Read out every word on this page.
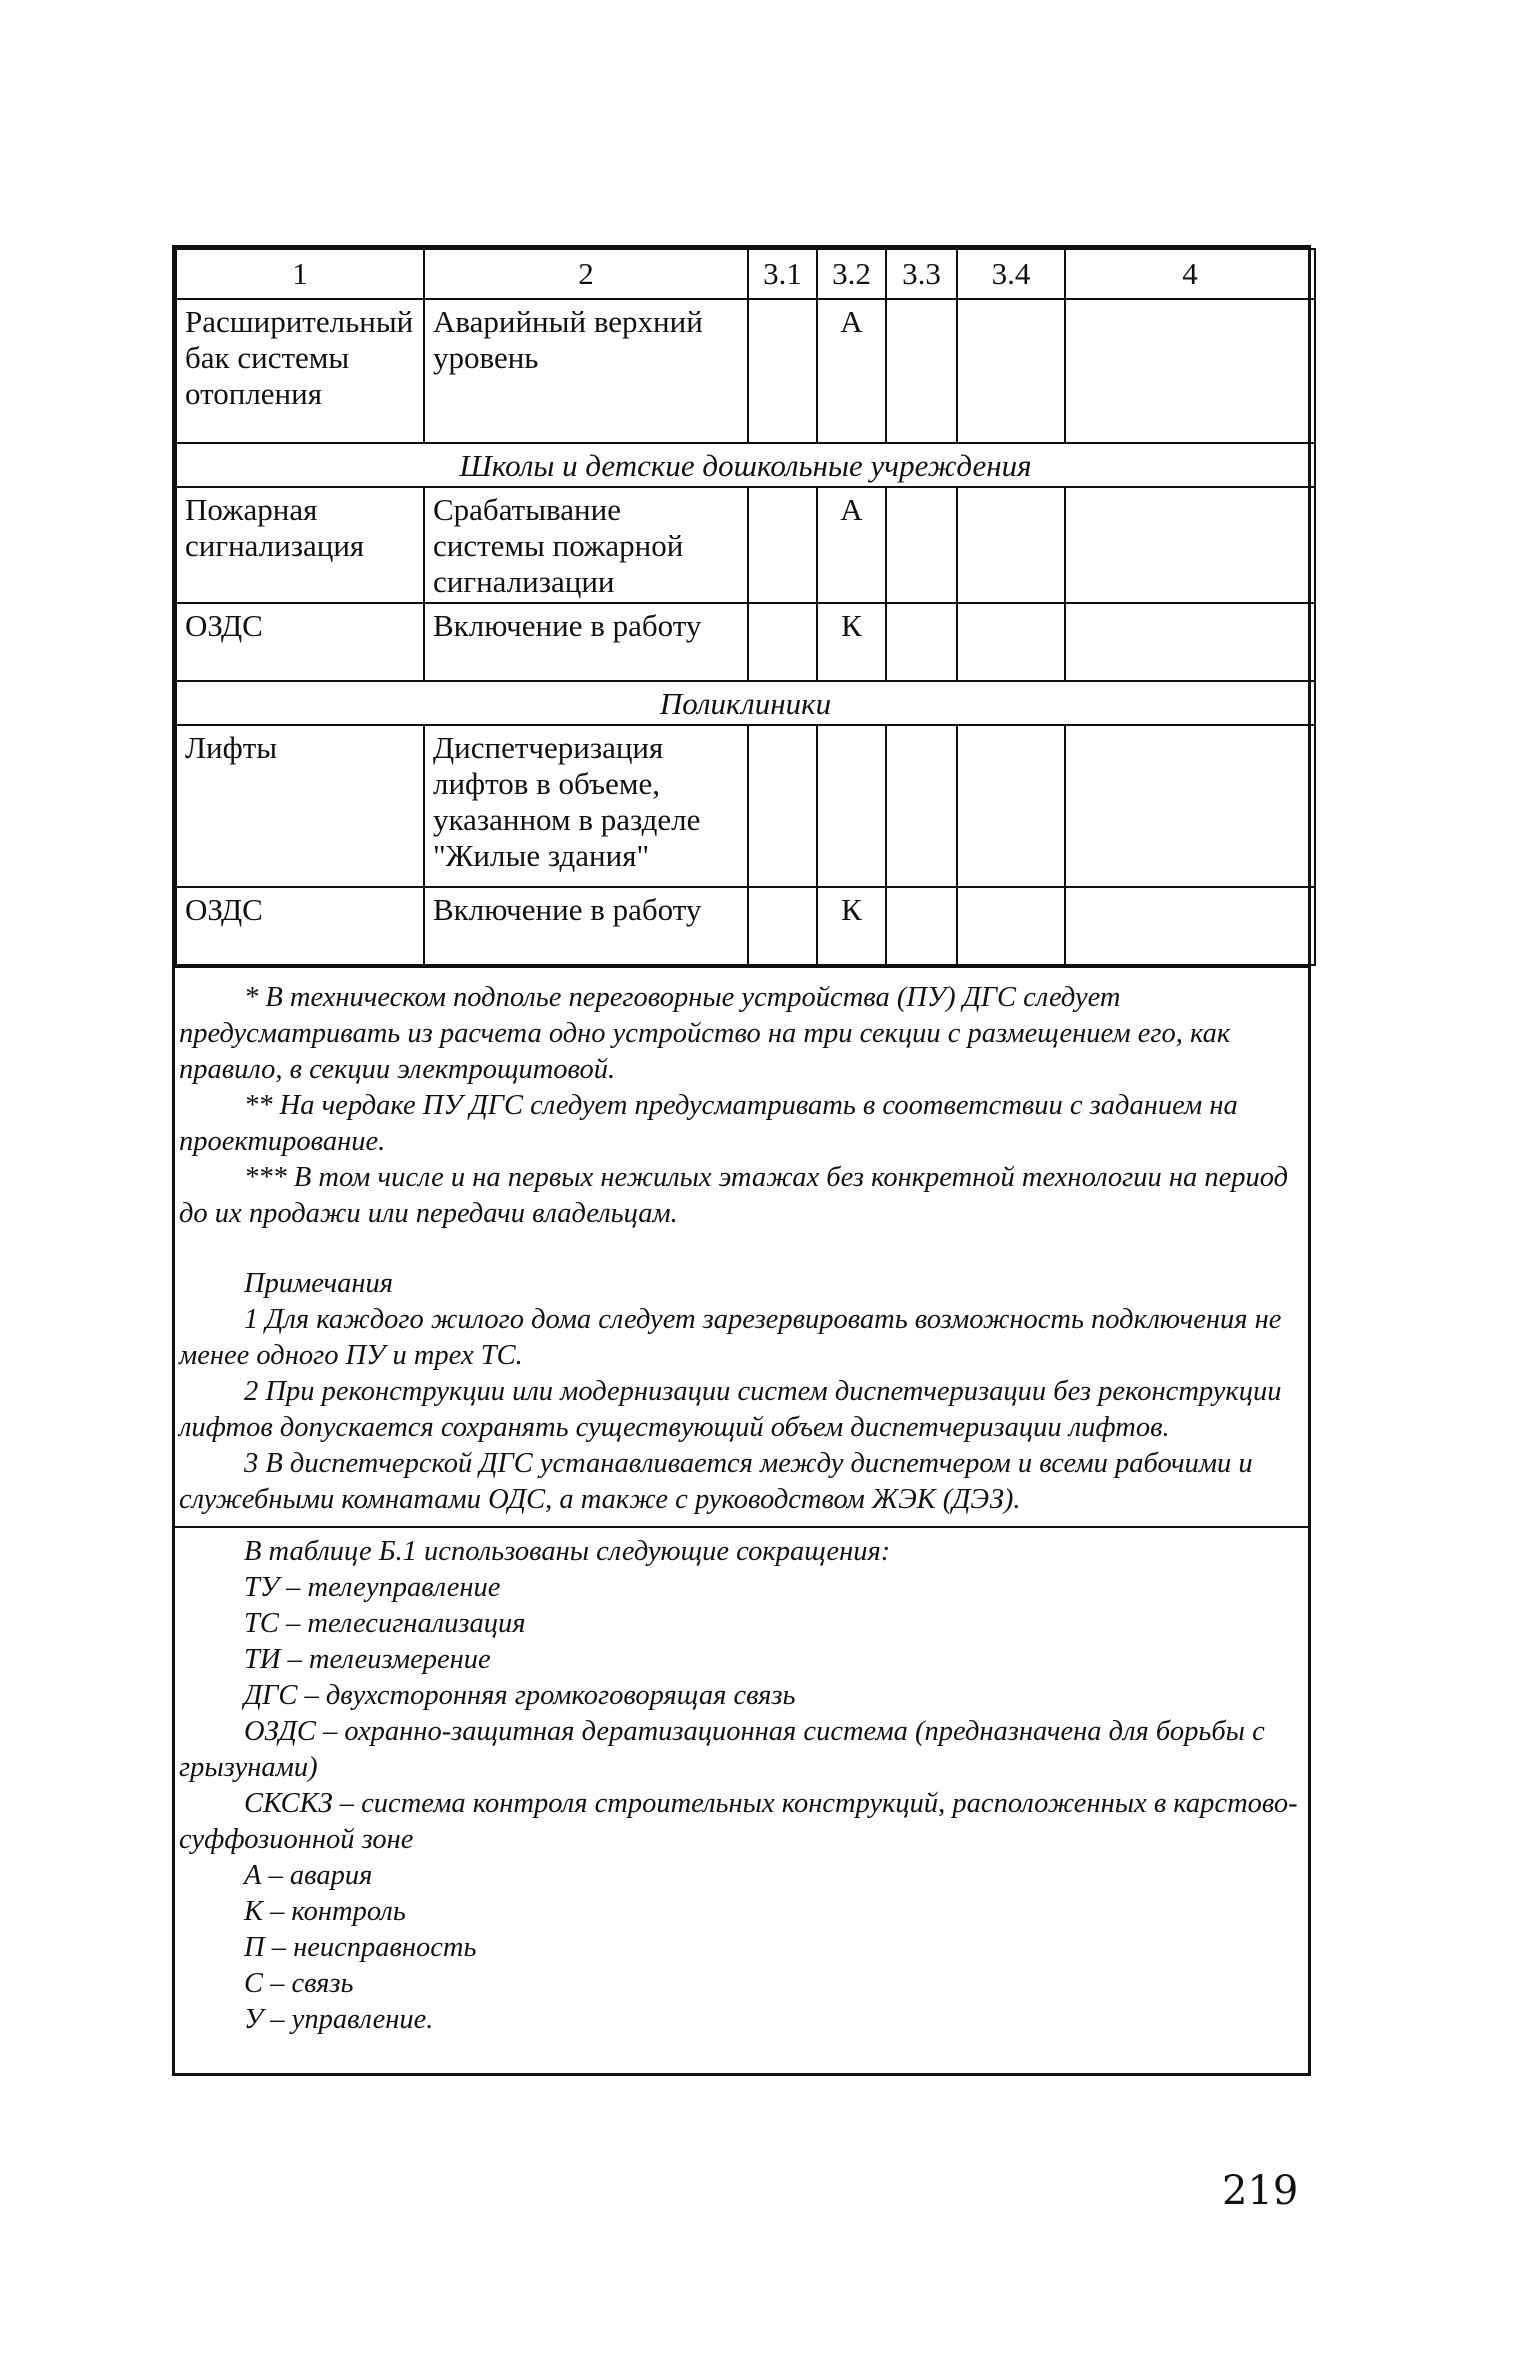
1	2	3.1	3.2	3.3	3.4	4
Расширительный бак системы отопления	Аварийный верхний уровень		А			
Школы и детские дошкольные учреждения						
Пожарная сигнализация	Срабатывание системы пожарной сигнализации		А			
ОЗДС	Включение в работу		К			
Поликлиники						
Лифты	Диспетчеризация лифтов в объеме, указанном в разделе "Жилые здания"					
ОЗДС	Включение в работу		К			

* В техническом подполье переговорные устройства (ПУ) ДГС следует предусматривать из расчета одно устройство на три секции с размещением его, как правило, в секции электрощитовой.

** На чердаке ПУ ДГС следует предусматривать в соответствии с заданием на проектирование.

*** В том числе и на первых нежилых этажах без конкретной технологии на период до их продажи или передачи владельцам.

Примечания

1 Для каждого жилого дома следует зарезервировать возможность подключения не менее одного ПУ и трех ТС.

2 При реконструкции или модернизации систем диспетчеризации без реконструкции лифтов допускается сохранять существующий объем диспетчеризации лифтов.

3 В диспетчерской ДГС устанавливается между диспетчером и всеми рабочими и служебными комнатами ОДС, а также с руководством ЖЭК (ДЭЗ).

В таблице Б.1 использованы следующие сокращения:

ТУ – телеуправление

ТС – телесигнализация

ТИ – телеизмерение

ДГС – двухсторонняя громкоговорящая связь

ОЗДС – охранно-защитная дератизационная система (предназначена для борьбы с грызунами)

СКСКЗ – система контроля строительных конструкций, расположенных в карстово-суффозионной зоне

А – авария

К – контроль

П – неисправность

С – связь

У – управление.

219
